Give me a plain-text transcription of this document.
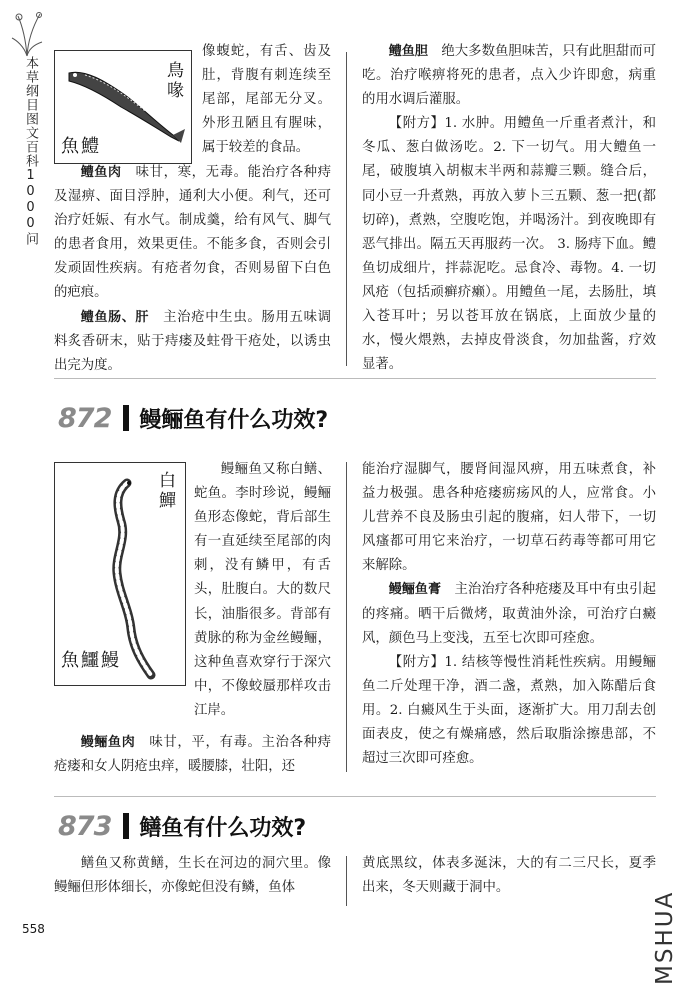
本草纲目图文百科1000问	鳥喙
魚鱧

像蝮蛇，有舌、齿及肚，背腹有刺连续至尾部，尾部无分叉。外形丑陋且有腥味，属于较差的食品。

鳢鱼肉　 味甘，寒，无毒。能治疗各种痔及湿痹、面目浮肿，通利大小便。利气，还可治疗妊娠、有水气。制成羹，给有风气、脚气的患者食用，效果更佳。不能多食，否则会引发顽固性疾病。有疮者勿食，否则易留下白色的疤痕。

鳢鱼肠、肝　 主治疮中生虫。肠用五味调料炙香研末，贴于痔瘘及蛀骨干疮处，以诱虫出完为度。

鳢鱼胆　 绝大多数鱼胆味苦，只有此胆甜而可吃。治疗喉痹将死的患者，点入少许即愈，病重的用水调后灌服。

【附方】1. 水肿。用鳢鱼一斤重者煮汁，和冬瓜、葱白做汤吃。2. 下一切气。用大鳢鱼一尾，破腹填入胡椒末半两和蒜瓣三颗。缝合后，同小豆一升煮熟，再放入萝卜三五颗、葱一把(都切碎)，煮熟，空腹吃饱，并喝汤汁。到夜晚即有恶气排出。隔五天再服药一次。 3. 肠痔下血。鳢鱼切成细片，拌蒜泥吃。忌食冷、毒物。4. 一切风疮（包括顽癣疥癞）。用鳢鱼一尾，去肠肚，填入苍耳叶；另以苍耳放在锅底，上面放少量的水，慢火煨熟，去掉皮骨淡食，勿加盐酱，疗效显著。

872 鳗鲡鱼有什么功效?
白鱓
魚鱷鰻

鳗鲡鱼又称白鳝、蛇鱼。李时珍说，鳗鲡鱼形态像蛇，背后部生有一直延续至尾部的肉刺，没有鳞甲，有舌头，肚腹白。大的数尺长，油脂很多。背部有黄脉的称为金丝鳗鲡，这种鱼喜欢穿行于深穴中，不像蛟蜃那样攻击江岸。

鳗鲡鱼肉　 味甘，平，有毒。主治各种痔疮瘘和女人阴疮虫痒，暖腰膝，壮阳，还

能治疗湿脚气，腰肾间湿风痹，用五味煮食，补益力极强。患各种疮瘘疬疡风的人，应常食。小儿营养不良及肠虫引起的腹痛，妇人带下，一切风瘙都可用它来治疗，一切草石药毒等都可用它来解除。

鳗鲡鱼膏　 主治治疗各种疮瘘及耳中有虫引起的疼痛。晒干后微烤，取黄油外涂，可治疗白癜风，颜色马上变浅，五至七次即可痊愈。

【附方】1. 结核等慢性消耗性疾病。用鳗鲡鱼二斤处理干净，酒二盏，煮熟，加入陈醋后食用。2. 白癜风生于头面，逐渐扩大。用刀刮去创面表皮，使之有燥痛感，然后取脂涂擦患部，不超过三次即可痊愈。

873 鳝鱼有什么功效?

鳝鱼又称黄鳝，生长在河边的洞穴里。像鳗鲡但形体细长，亦像蛇但没有鳞，鱼体

黄底黑纹，体表多涎沫，大的有二三尺长，夏季出来，冬天则藏于洞中。

558	MSHUA
